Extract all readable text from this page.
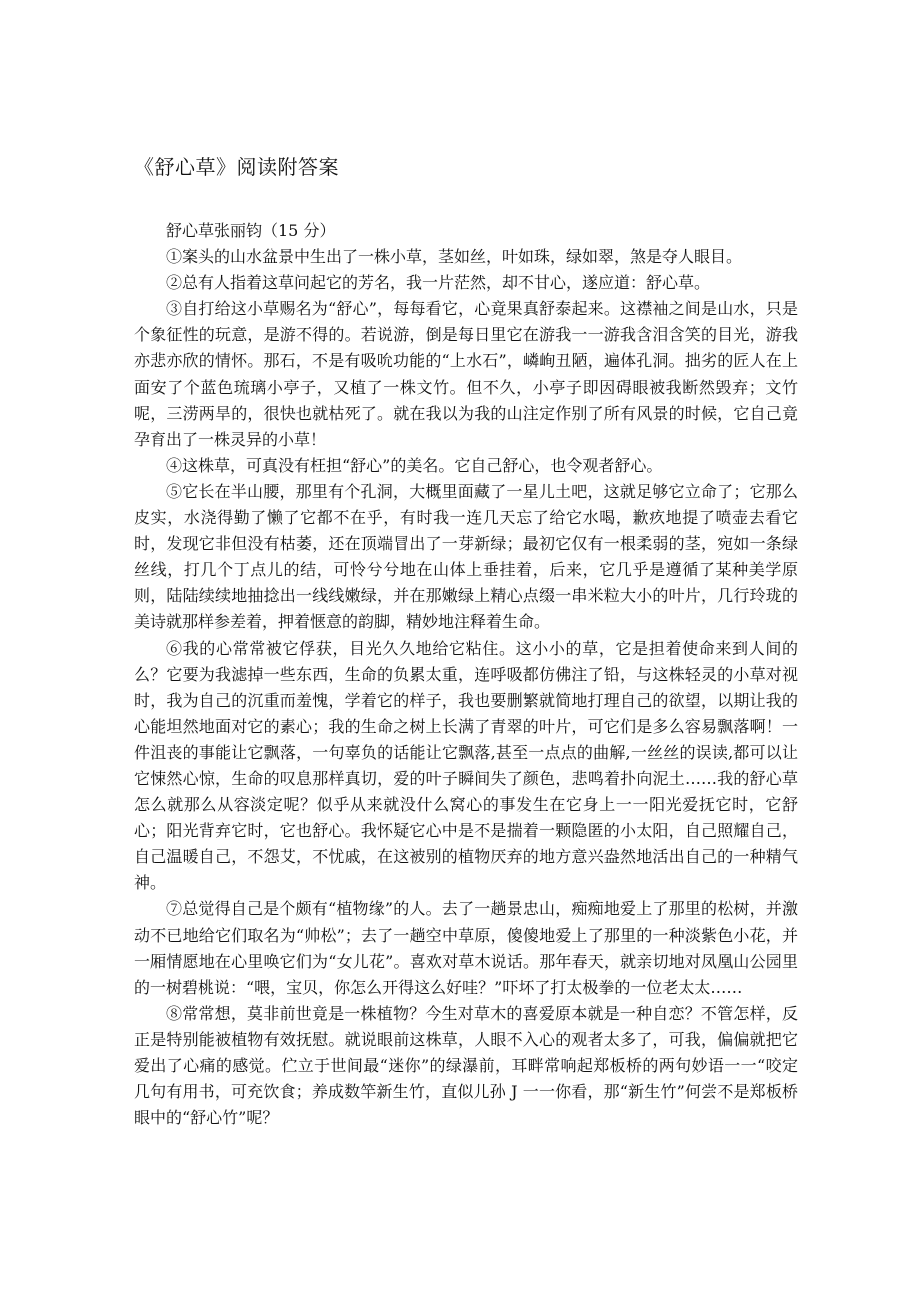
《舒心草》阅读附答案

舒心草张丽钧（15 分）

①案头的山水盆景中生出了一株小草，茎如丝，叶如珠，绿如翠，煞是夺人眼目。

②总有人指着这草问起它的芳名，我一片茫然，却不甘心，遂应道：舒心草。

③自打给这小草赐名为“舒心”，每每看它，心竟果真舒泰起来。这襟袖之间是山水，只是个象征性的玩意，是游不得的。若说游，倒是每日里它在游我一一游我含泪含笑的目光，游我亦悲亦欣的情怀。那石，不是有吸吮功能的“上水石”，嶙峋丑陋，遍体孔洞。拙劣的匠人在上面安了个蓝色琉璃小亭子，又植了一株文竹。但不久，小亭子即因碍眼被我断然毁弃；文竹呢，三涝两旱的，很快也就枯死了。就在我以为我的山注定作别了所有风景的时候，它自己竟孕育出了一株灵异的小草！

④这株草，可真没有枉担“舒心”的美名。它自己舒心，也令观者舒心。

⑤它长在半山腰，那里有个孔洞，大概里面藏了一星儿土吧，这就足够它立命了；它那么皮实，水浇得勤了懒了它都不在乎，有时我一连几天忘了给它水喝，歉疚地提了喷壶去看它时，发现它非但没有枯萎，还在顶端冒出了一芽新绿；最初它仅有一根柔弱的茎，宛如一条绿丝线，打几个丁点儿的结，可怜兮兮地在山体上垂挂着，后来，它几乎是遵循了某种美学原则，陆陆续续地抽捻出一线线嫩绿，并在那嫩绿上精心点缀一串米粒大小的叶片，几行玲珑的美诗就那样参差着，押着惬意的韵脚，精妙地注释着生命。

⑥我的心常常被它俘获，目光久久地给它粘住。这小小的草，它是担着使命来到人间的么？它要为我滤掉一些东西，生命的负累太重，连呼吸都仿佛注了铅，与这株轻灵的小草对视时，我为自己的沉重而羞愧，学着它的样子，我也要删繁就简地打理自己的欲望，以期让我的心能坦然地面对它的素心；我的生命之树上长满了青翠的叶片，可它们是多么容易飘落啊！一件沮丧的事能让它飘落，一句辜负的话能让它飘落,甚至一点点的曲解,一丝丝的误读,都可以让它悚然心惊，生命的叹息那样真切，爱的叶子瞬间失了颜色，悲鸣着扑向泥土……我的舒心草怎么就那么从容淡定呢？似乎从来就没什么窝心的事发生在它身上一一阳光爱抚它时，它舒心；阳光背弃它时，它也舒心。我怀疑它心中是不是揣着一颗隐匿的小太阳，自己照耀自己，自己温暖自己，不怨艾，不忧戚，在这被别的植物厌弃的地方意兴盎然地活出自己的一种精气神。

⑦总觉得自己是个颇有“植物缘”的人。去了一趟景忠山，痴痴地爱上了那里的松树，并激动不已地给它们取名为“帅松”；去了一趟空中草原，傻傻地爱上了那里的一种淡紫色小花，并一厢情愿地在心里唤它们为“女儿花”。喜欢对草木说话。那年春天，就亲切地对凤凰山公园里的一树碧桃说：“喂，宝贝，你怎么开得这么好哇？”吓坏了打太极拳的一位老太太……

⑧常常想，莫非前世竟是一株植物？今生对草木的喜爱原本就是一种自恋？不管怎样，反正是特别能被植物有效抚慰。就说眼前这株草，人眼不入心的观者太多了，可我，偏偏就把它爱出了心痛的感觉。伫立于世间最“迷你”的绿瀑前，耳畔常响起郑板桥的两句妙语一一“咬定几句有用书，可充饮食；养成数竿新生竹，直似儿孙 J 一一你看，那“新生竹”何尝不是郑板桥眼中的“舒心竹”呢？
